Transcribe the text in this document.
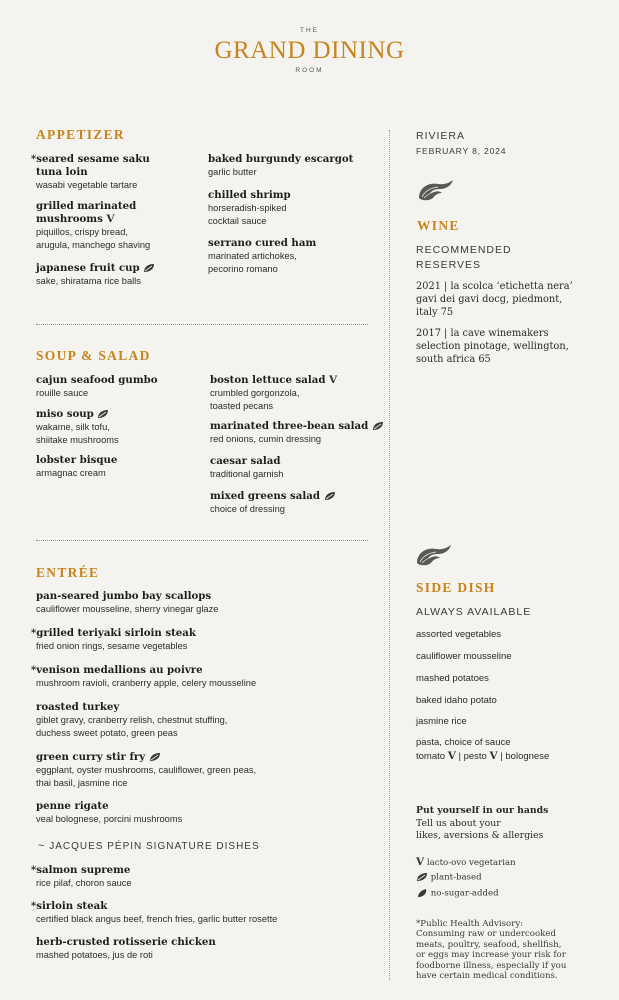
THE
GRAND DINING
ROOM
APPETIZER
*seared sesame saku
tuna loin
wasabi vegetable tartare
grilled marinated
mushrooms V
piquillos, crispy bread,
arugula, manchego shaving
japanese fruit cup
sake, shiratama rice balls
baked burgundy escargot
garlic butter
chilled shrimp
horseradish-spiked
cocktail sauce
serrano cured ham
marinated artichokes,
pecorino romano
SOUP & SALAD
cajun seafood gumbo
rouille sauce
miso soup
wakame, silk tofu,
shiitake mushrooms
lobster bisque
armagnac cream
boston lettuce salad V
crumbled gorgonzola,
toasted pecans
marinated three-bean salad
red onions, cumin dressing
caesar salad
traditional garnish
mixed greens salad
choice of dressing
ENTRÉE
pan-seared jumbo bay scallops
cauliflower mousseline, sherry vinegar glaze
*grilled teriyaki sirloin steak
fried onion rings, sesame vegetables
*venison medallions au poivre
mushroom ravioli, cranberry apple, celery mousseline
roasted turkey
giblet gravy, cranberry relish, chestnut stuffing,
duchess sweet potato, green peas
green curry stir fry
eggplant, oyster mushrooms, cauliflower, green peas,
thai basil, jasmine rice
penne rigate
veal bolognese, porcini mushrooms
~ JACQUES PÉPIN SIGNATURE DISHES
*salmon supreme
rice pilaf, choron sauce
*sirloin steak
certified black angus beef, french fries, garlic butter rosette
herb-crusted rotisserie chicken
mashed potatoes, jus de roti
RIVIERA
FEBRUARY 8, 2024
WINE
RECOMMENDED
RESERVES
2021 | la scolca ‘etichetta nera’
gavi dei gavi docg, piedmont,
italy 75
2017 | la cave winemakers
selection pinotage, wellington,
south africa 65
SIDE DISH
ALWAYS AVAILABLE
assorted vegetables
cauliflower mousseline
mashed potatoes
baked idaho potato
jasmine rice
pasta, choice of sauce
tomato V | pesto V | bolognese
Put yourself in our hands
Tell us about your
likes, aversions & allergies
V lacto-ovo vegetarian
plant-based
no-sugar-added
*Public Health Advisory:
Consuming raw or undercooked
meats, poultry, seafood, shellfish,
or eggs may increase your risk for
foodborne illness, especially if you
have certain medical conditions.
